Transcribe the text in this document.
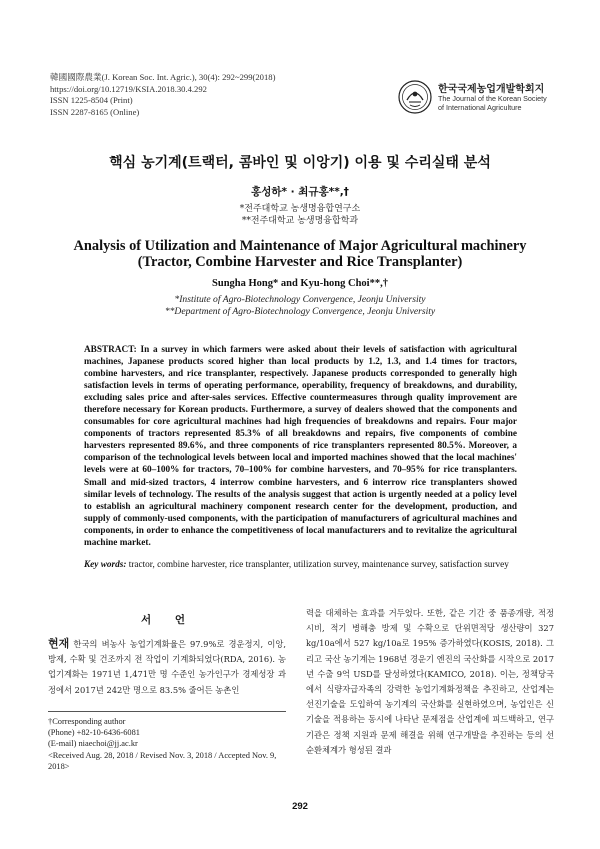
韓國國際農業(J. Korean Soc. Int. Agric.), 30(4): 292~299(2018)
https://doi.org/10.12719/KSIA.2018.30.4.292
ISSN 1225-8504 (Print)
ISSN 2287-8165 (Online)
한국국제농업개발학회지
The Journal of the Korean Society
of International Agriculture
핵심 농기계(트랙터, 콤바인 및 이앙기) 이용 및 수리실태 분석
홍성하* · 최규홍**,†
*전주대학교 농생명융합연구소
**전주대학교 농생명융합학과
Analysis of Utilization and Maintenance of Major Agricultural machinery
(Tractor, Combine Harvester and Rice Transplanter)
Sungha Hong* and Kyu-hong Choi**,†
*Institute of Agro-Biotechnology Convergence, Jeonju University
**Department of Agro-Biotechnology Convergence, Jeonju University
ABSTRACT: In a survey in which farmers were asked about their levels of satisfaction with agricultural machines, Japanese products scored higher than local products by 1.2, 1.3, and 1.4 times for tractors, combine harvesters, and rice transplanter, respectively. Japanese products corresponded to generally high satisfaction levels in terms of operating performance, operability, frequency of breakdowns, and durability, excluding sales price and after-sales services. Effective countermeasures through quality improvement are therefore necessary for Korean products. Furthermore, a survey of dealers showed that the components and consumables for core agricultural machines had high frequencies of breakdowns and repairs. Four major components of tractors represented 85.3% of all breakdowns and repairs, five components of combine harvesters represented 89.6%, and three components of rice transplanters represented 80.5%. Moreover, a comparison of the technological levels between local and imported machines showed that the local machines' levels were at 60–100% for tractors, 70–100% for combine harvesters, and 70–95% for rice transplanters. Small and mid-sized tractors, 4 interrow combine harvesters, and 6 interrow rice transplanters showed similar levels of technology. The results of the analysis suggest that action is urgently needed at a policy level to establish an agricultural machinery component research center for the development, production, and supply of commonly-used components, with the participation of manufacturers of agricultural machines and components, in order to enhance the competitiveness of local manufacturers and to revitalize the agricultural machine market.
Key words: tractor, combine harvester, rice transplanter, utilization survey, maintenance survey, satisfaction survey
서 언
현재 한국의 벼농사 농업기계화율은 97.9%로 경운정지, 이앙, 방제, 수확 및 건조까지 전 작업이 기계화되었다(RDA, 2016). 농업기계화는 1971년 1,471만 명 수준인 농가인구가 경제성장 과정에서 2017년 242만 명으로 83.5% 줄어든 농촌인
력을 대체하는 효과를 거두었다. 또한, 같은 기간 중 품종개량, 적정시비, 적기 병해충 방제 및 수확으로 단위면적당 생산량이 327 kg/10a에서 527 kg/10a로 195% 증가하였다(KOSIS, 2018). 그리고 국산 농기계는 1968년 경운기 엔진의 국산화를 시작으로 2017년 수출 9억 USD를 달성하였다(KAMICO, 2018). 이는, 정책당국에서 식량자급자족의 강력한 농업기계화정책을 추진하고, 산업계는 선진기술을 도입하여 농기계의 국산화를 실현하였으며, 농업인은 신기술을 적용하는 동시에 나타난 문제점을 산업계에 피드백하고, 연구기관은 정책 지원과 문제 해결을 위해 연구개발을 추진하는 등의 선순환체계가 형성된 결과
†Corresponding author
(Phone) +82-10-6436-6081
(E-mail) niaechoi@jj.ac.kr
<Received Aug. 28, 2018 / Revised Nov. 3, 2018 / Accepted Nov. 9, 2018>
292
